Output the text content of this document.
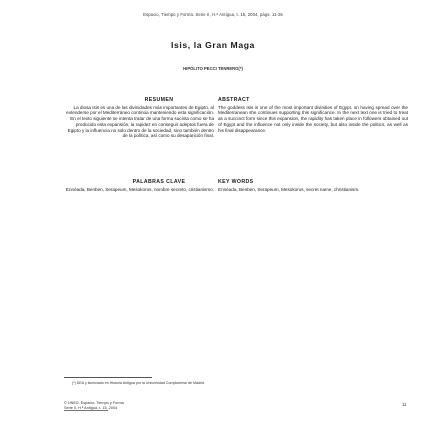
Espacio, Tiempo y Forma. Serie II, H.ª Antigua, t. 15, 2004, págs. 11-26
Isis, la Gran Maga
HIPÓLITO PECCI TENRERO(*)
RESUMEN
La diosa Isis es una de las divinidades más importantes de Egipto, al extenderse por el Mediterráneo continúa manteniendo esta significación. En el texto siguiente se intenta tratar de una forma sucinta como se ha producido esta expansión, la rapidez en conseguir adeptos fuera de Egipto y la influencia no solo dentro de la sociedad, sino también dentro de la política, así como su desaparición final.
ABSTRACT
The goddess Isis is one of the most important divinities of Egypt, on having spread over the Mediterranean she continues supporting this significance. In the next text one is tried to treat as a succinct form since this expansion, the rapidity has taken place in followers obtained out of Egypt and the influence not only inside the society, but also inside the politics, as well as his final disappearance.
PALABRAS CLAVE
Ennéada, Benben, Serapeum, Mesokoros, nombre secreto, cristianismo.
KEY WORDS
Ennéada, Benben, Serapeum, Mesokoros, secret name, christianism.
(*) DEA y licenciado en Historia Antigua por la Universidad Complutense de Madrid.
© UNED. Espacio, Tiempo y Forma
Serie II, H.ª Antigua, t. 15, 2004
11
